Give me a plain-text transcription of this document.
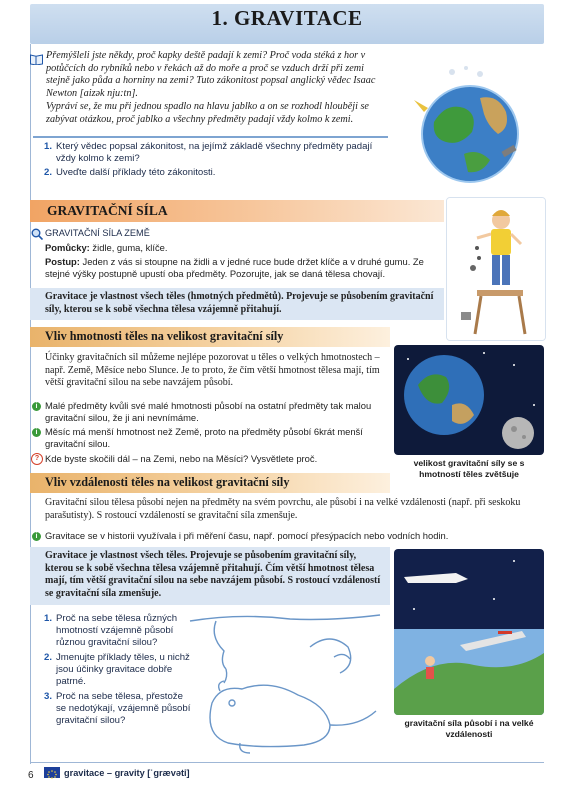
1. GRAVITACE
Přemýšleli jste někdy, proč kapky deště padají k zemi? Proč voda stéká z hor v potůčcích do rybníků nebo v řekách až do moře a proč se vzduch drží při zemi stejně jako půda a horniny na zemi? Tuto zákonitost popsal anglický vědec Isaac Newton [aizək nju:tn].
Vypráví se, že mu při jednou spadlo na hlavu jablko a on se rozhodl hlouběji se zabývat otázkou, proč jablko a všechny předměty padají vždy kolmo k zemi.
1. Který vědec popsal zákonitost, na jejímž základě všechny předměty padají vždy kolmo k zemi?
2. Uveďte další příklady této zákonitosti.
GRAVITAČNÍ SÍLA
GRAVITAČNÍ SÍLA ZEMĚ
Pomůcky: židle, guma, klíče.
Postup: Jeden z vás si stoupne na židli a v jedné ruce bude držet klíče a v druhé gumu. Ze stejné výšky postupně upustí oba předměty. Pozorujte, jak se daná tělesa chovají.
Gravitace je vlastnost všech těles (hmotných předmětů). Projevuje se působením gravitační síly, kterou se k sobě všechna tělesa vzájemně přitahují.
Vliv hmotnosti těles na velikost gravitační síly
Účinky gravitačních sil můžeme nejlépe pozorovat u těles o velkých hmotnostech – např. Země, Měsíce nebo Slunce. Je to proto, že čím větší hmotnost tělesa mají, tím větší gravitační silou na sebe navzájem působí.
i Malé předměty kvůli své malé hmotnosti působí na ostatní předměty tak malou gravitační silou, že ji ani nevnímáme.
i Měsíc má menší hmotnost než Země, proto na předměty působí 6krát menší gravitační silou.
? Kde byste skočili dál – na Zemi, nebo na Měsíci? Vysvětlete proč.	velikost gravitační síly se s hmotností těles zvětšuje
Vliv vzdálenosti těles na velikost gravitační síly
Gravitační silou tělesa působí nejen na předměty na svém povrchu, ale působí i na velké vzdálenosti (např. při seskoku parašutisty). S rostoucí vzdáleností se gravitační síla zmenšuje.
i Gravitace se v historii využívala i při měření času, např. pomocí přesýpacích nebo vodních hodin.
Gravitace je vlastnost všech těles. Projevuje se působením gravitační síly, kterou se k sobě všechna tělesa vzájemně přitahují. Čím větší hmotnost tělesa mají, tím větší gravitační silou na sebe navzájem působí. S rostoucí vzdáleností se gravitační síla zmenšuje.
1. Proč na sebe tělesa různých hmotností vzájemně působí různou gravitační silou?
2. Jmenujte příklady těles, u nichž jsou účinky gravitace dobře patrné.
3. Proč na sebe tělesa, přestože se nedotýkají, vzájemně působí gravitační silou?	gravitační síla působí i na velké vzdálenosti
6	gravitace – gravity [ˈgrævəti]
